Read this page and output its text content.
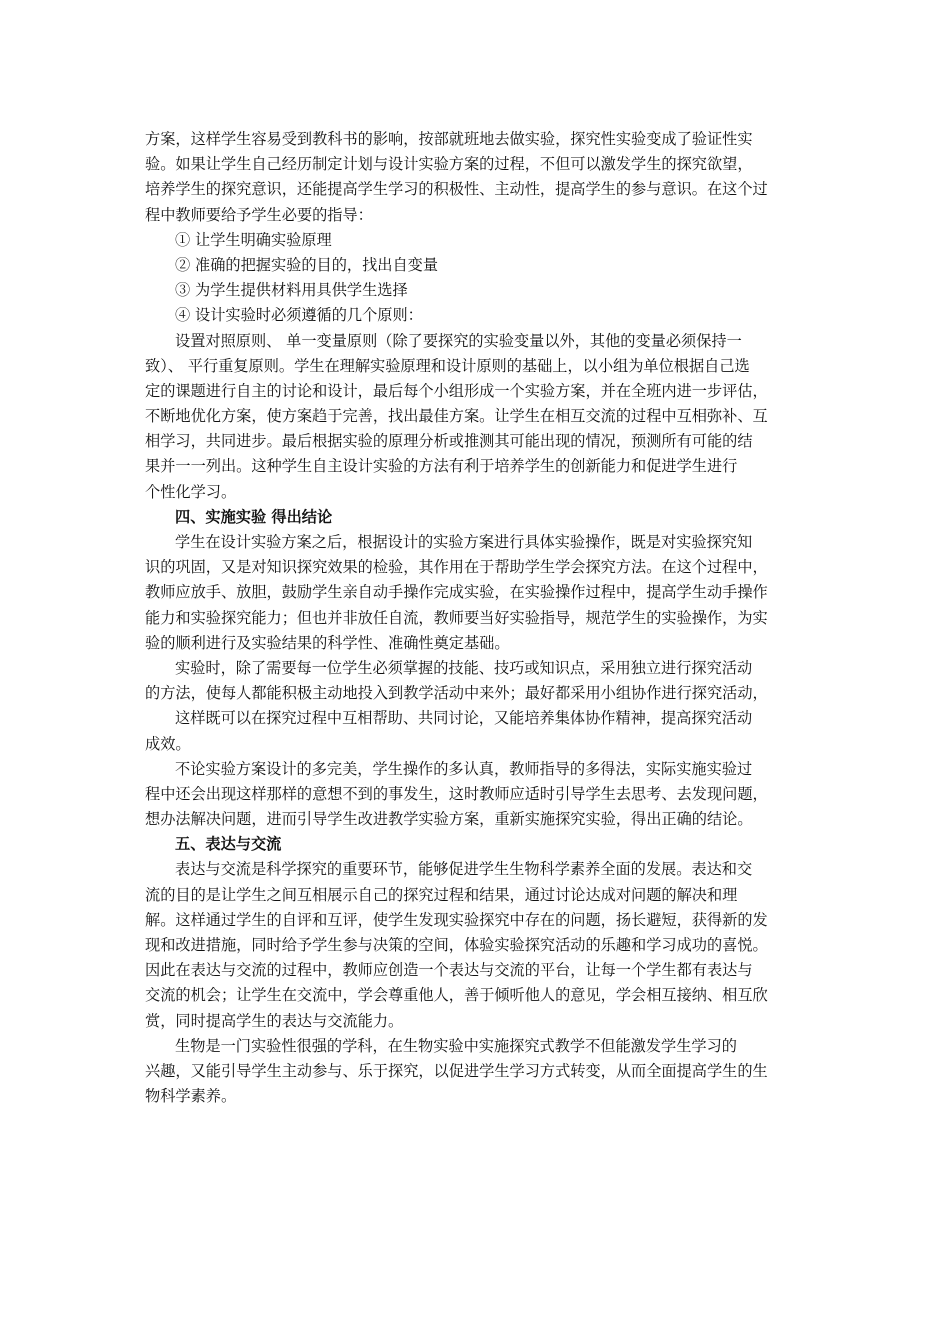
方案，这样学生容易受到教科书的影响，按部就班地去做实验，探究性实验变成了验证性实
验。如果让学生自己经历制定计划与设计实验方案的过程，不但可以激发学生的探究欲望，
培养学生的探究意识，还能提高学生学习的积极性、主动性，提高学生的参与意识。在这个过
程中教师要给予学生必要的指导：
① 让学生明确实验原理
② 准确的把握实验的目的，找出自变量
③ 为学生提供材料用具供学生选择
④ 设计实验时必须遵循的几个原则：
设置对照原则、 单一变量原则（除了要探究的实验变量以外，其他的变量必须保持一
致）、 平行重复原则。学生在理解实验原理和设计原则的基础上，以小组为单位根据自己选
定的课题进行自主的讨论和设计，最后每个小组形成一个实验方案，并在全班内进一步评估，
不断地优化方案，使方案趋于完善，找出最佳方案。让学生在相互交流的过程中互相弥补、互
相学习，共同进步。最后根据实验的原理分析或推测其可能出现的情况，预测所有可能的结
果并一一列出。这种学生自主设计实验的方法有利于培养学生的创新能力和促进学生进行
个性化学习。
四、实施实验 得出结论
学生在设计实验方案之后，根据设计的实验方案进行具体实验操作，既是对实验探究知
识的巩固，又是对知识探究效果的检验，其作用在于帮助学生学会探究方法。在这个过程中，
教师应放手、放胆，鼓励学生亲自动手操作完成实验，在实验操作过程中，提高学生动手操作
能力和实验探究能力；但也并非放任自流，教师要当好实验指导，规范学生的实验操作，为实
验的顺利进行及实验结果的科学性、准确性奠定基础。
实验时，除了需要每一位学生必须掌握的技能、技巧或知识点，采用独立进行探究活动
的方法，使每人都能积极主动地投入到教学活动中来外；最好都采用小组协作进行探究活动，
这样既可以在探究过程中互相帮助、共同讨论，又能培养集体协作精神，提高探究活动
成效。
不论实验方案设计的多完美，学生操作的多认真，教师指导的多得法，实际实施实验过
程中还会出现这样那样的意想不到的事发生，这时教师应适时引导学生去思考、去发现问题，
想办法解决问题，进而引导学生改进教学实验方案，重新实施探究实验，得出正确的结论。
五、表达与交流
表达与交流是科学探究的重要环节，能够促进学生生物科学素养全面的发展。表达和交
流的目的是让学生之间互相展示自己的探究过程和结果，通过讨论达成对问题的解决和理
解。这样通过学生的自评和互评，使学生发现实验探究中存在的问题，扬长避短，获得新的发
现和改进措施，同时给予学生参与决策的空间，体验实验探究活动的乐趣和学习成功的喜悦。
因此在表达与交流的过程中，教师应创造一个表达与交流的平台，让每一个学生都有表达与
交流的机会；让学生在交流中，学会尊重他人，善于倾听他人的意见，学会相互接纳、相互欣
赏，同时提高学生的表达与交流能力。
生物是一门实验性很强的学科，在生物实验中实施探究式教学不但能激发学生学习的
兴趣，又能引导学生主动参与、乐于探究，以促进学生学习方式转变，从而全面提高学生的生
物科学素养。
